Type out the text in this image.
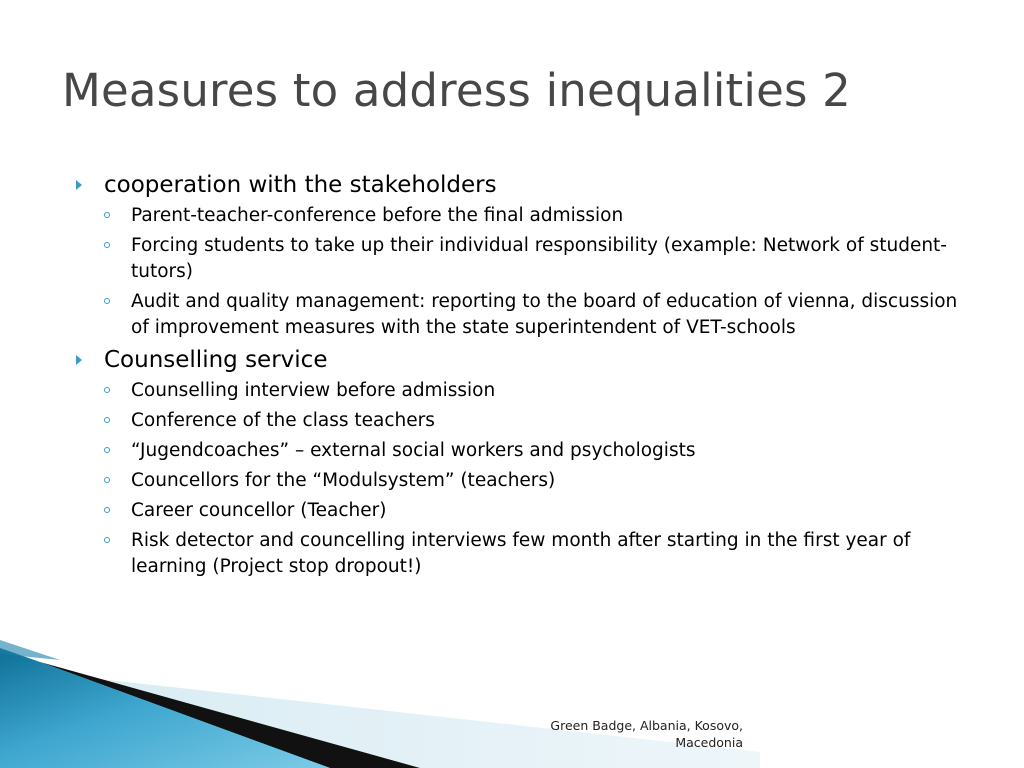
Measures to address inequalities 2
cooperation with the stakeholders
Parent-teacher-conference before the final admission
Forcing students to take up their individual responsibility (example: Network of student-tutors)
Audit and quality management: reporting to the board of education of vienna, discussion of improvement measures with the state superintendent of VET-schools
Counselling service
Counselling interview before admission
Conference of the class teachers
“Jugendcoaches” – external social workers and psychologists
Councellors for the “Modulsystem” (teachers)
Career councellor (Teacher)
Risk detector and councelling interviews few month after starting in the first year of learning (Project stop dropout!)
Green Badge, Albania, Kosovo, Macedonia
